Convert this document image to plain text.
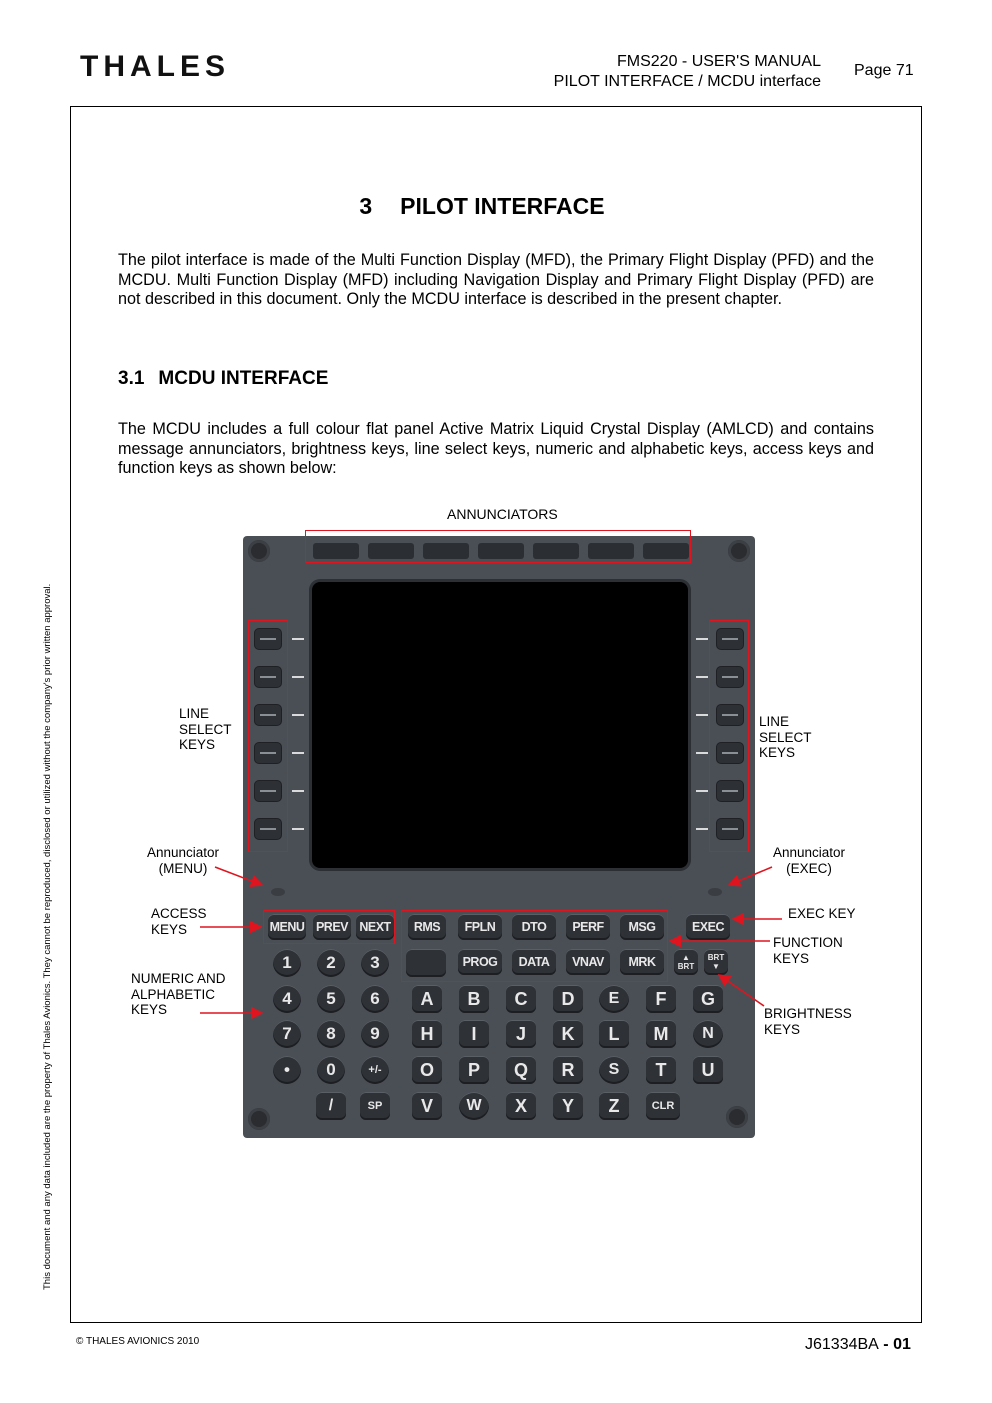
THALES	FMS220 - USER'S MANUAL
PILOT INTERFACE / MCDU interface
Page 71
This document and any data included are the property of Thales Avionics. They cannot be reproduced, disclosed or utilized without the company's prior written approval.
3 PILOT INTERFACE
The pilot interface is made of the Multi Function Display (MFD), the Primary Flight Display (PFD) and the MCDU. Multi Function Display (MFD) including Navigation Display and Primary Flight Display (PFD) are not described in this document. Only the MCDU interface is described in the present chapter.
3.1 MCDU INTERFACE
The MCDU includes a full colour flat panel Active Matrix Liquid Crystal Display (AMLCD) and contains message annunciators, brightness keys, line select keys, numeric and alphabetic keys, access keys and function keys as shown below:
ANNUNCIATORS
LINE
SELECT
KEYS
LINE
SELECT
KEYS
Annunciator
(MENU)
Annunciator
(EXEC)
ACCESS
KEYS
NUMERIC AND
ALPHABETIC
KEYS
EXEC KEY
FUNCTION
KEYS
BRIGHTNESS
KEYS
MENU PREV NEXT	RMS	FPLN	DTO	PERF	MSG
PROG	DATA	VNAV	MRK
EXEC
▲
BRT
BRT
▼
1	2	3
4	5	6
7	8	9
•	0	+/-
A	B	C	D	E	F	G
H	I	J	K	L	M	N
O	P	Q	R	S	T	U
/	SP	V	W	X	Y	Z	CLR
© THALES AVIONICS 2010	J61334BA - 01
